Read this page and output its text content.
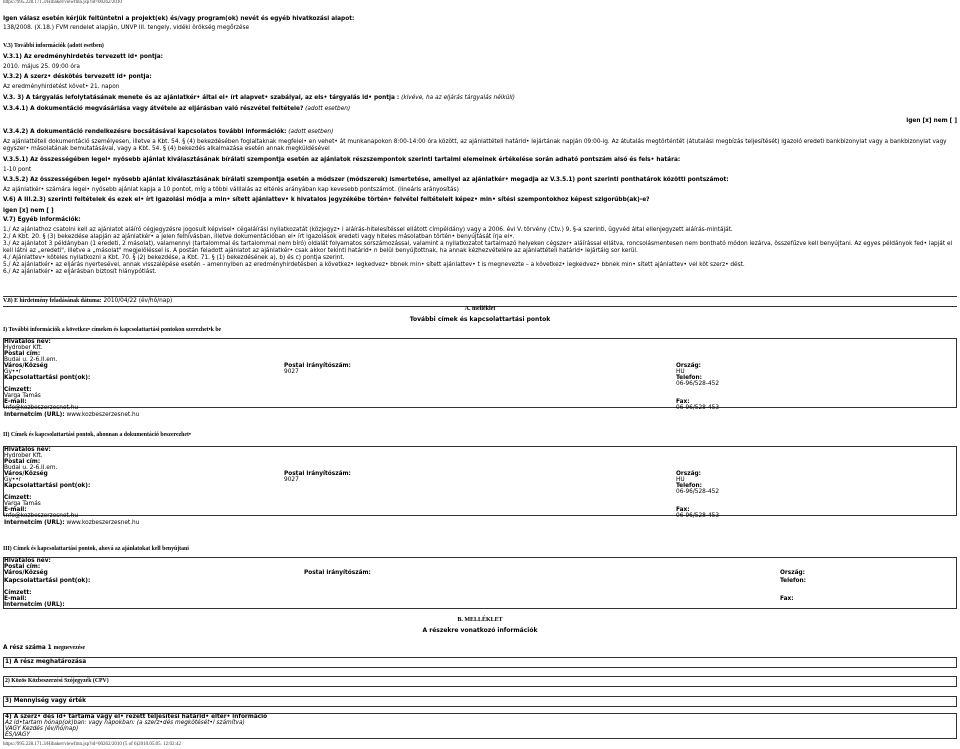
https://995.228.171.3/Hibaket/viewfmn.jsp?id=00262/2010
Igen válasz esetén kérjük feltüntetni a projekt(ek) és/vagy program(ok) nevét és egyéb hivatkozási alapot:
138/2008. (X.18.) FVM rendelet alapján, UNVP III. tengely, vidéki örökség megőrzése
V.3) További információk (adott esetben)
V.3.1) Az eredményhirdetés tervezett id• pontja:
2010. május 25. 09:00 óra
V.3.2) A szerz• déskötés tervezett id• pontja:
Az eredményhirdetést követ• 21. napon
V.3. 3) A tárgyalás lefolytatásának menete és az ajánlatkér• által el• írt alapvet• szabályai, az els• tárgyalás id• pontja : (kivéve, ha az eljárás tárgyalás nélküli)
V.3.4.1) A dokumentáció megvásárlása vagy átvétele az eljárásban való részvétel feltétele? (adott esetben)
igen [x] nem [ ]
V.3.4.2) A dokumentáció rendelkezésre bocsátásával kapcsolatos további információk: (adott esetben)
Az ajánlattételi dokumentáció személyesen, illetve a Kbt. 54. § (4) bekezdésében foglaltaknak megfelel• en vehet• át munkanapokon 8:00-14:00 óra között, az ajánlattételi határid• lejártának napján 09:00-ig. Az átutalás megtörténtét (átutalási megbízás teljesítését) igazoló eredeti bankbizonylat vagy a bankbizonylat vagy egyszer• másolatának bemutatásával, vagy a Kbt. 54. § (4) bekezdés alkalmazása esetén annak megküldésével
V.3.5.1) Az összességében legel• nyösebb ajánlat kiválasztásának bírálati szempontja esetén az ajánlatok részszempontok szerinti tartalmi elemeinek értékelése során adható pontszám alsó és fels• határa:
1-10 pont
V.3.5.2) Az összességében legel• nyösebb ajánlat kiválasztásának bírálati szempontja esetén a módszer (módszerek) ismertetése, amellyel az ajánlatkér• megadja az V.3.5.1) pont szerinti ponthatárok közötti pontszámot:
Az ajánlatkér• számára legel• nyösebb ajánlat kapja a 10 pontot, míg a többi válllalás az eltérés arányában kap kevesebb pontszámot. (lineáris arányosítás)
V.6) A III.2.3) szerinti feltételek és ezek el• írt igazolási módja a min• sített ajánlattev• k hivatalos jegyzékébe történ• felvétel feltételeit képez• min• sítési szempontokhoz képest szigorúbb(ak)-e?
igen [x] nem [ ]
V.7) Egyéb információk:
1./ Az ajánlathoz csatolni kell az ajánlatot aláíró cégjegyzésre jogosult képvisel• cégaláírási nyilatkozatát (közjegyz• i aláírás-hitelesítéssel ellátott címpéldány) vagy a 2006. évi V. törvény (Ctv.) 9. §-a szerinti, ügyvéd által ellenjegyzett aláírás-mintáját.
2./ A Kbt. 20. § (3) bekezdése alapján az ajánlatkér• a jelen felhívásban, illetve dokumentációban el• írt igazolások eredeti vagy hiteles másolatban történ• benyújtását írja el•.
3./ Az ajánlatot 3 példányban (1 eredeti, 2 másolat), valamennyi (tartalommal és tartalommal nem bíró) oldalát folyamatos sorszámozással, valamint a nyilatkozatot tartalmazó helyeken cégszer• aláírással ellátva, roncsolásmentesen nem bontható módon lezárva, összefűzve kell benyújtani. Az egyes példányok fed• lapját el kell látni az „eredeti", illetve a „másolat" megjelöléssel is. A postán feladott ajánlatot az ajánlatkér• csak akkor tekinti határid• n belül benyújtottnak, ha annak kézhezvételére az ajánlattételi határid• lejártáig sor kerül.
4./ Ajánlattev• köteles nyilatkozni a Kbt. 70. § (2) bekezdése, a Kbt. 71. § (1) bekezdésének a), b) és c) pontja szerint.
5./ Az ajánlatkér• az eljárás nyertesével, annak visszalépése esetén – amennyiben az eredményhirdetésben a következ• legkedvez• bbnek min• sített ajánlattev• t is megnevezte – a következ• legkedvez• bbnek min• sített ajánlattev• vel köt szerz• dést.
6./ Az ajánlatkér• az eljárásban biztosít hiánypótlást.
V.8) E hirdetmény feladásának dátuma: 2010/04/22 (év/hó/nap)
A. melléklet
További címek és kapcsolattartási pontok
I) További információk a következ• címeken és kapcsolattartási pontokon szerezhet•k be
Hivatalos név:
Hydrober Kft.
Postai cím:
Budai u. 2-6.II.em.
Város/Község	Postai irányítószám:	Ország:
Gy••r	9027	HU
Kapcsolattartási pont(ok):	Telefon:
06-96/528-452
Címzett:
Varga Tamás
E-mail:	Fax:
info@kozbeszerzesnet.hu	06-96/528-453
Internetcím (URL): www.kozbeszerzesnet.hu
II) Címek és kapcsolattartási pontok, ahonnan a dokumentáció beszerezhet•
Hivatalos név:
Hydrober Kft.
Postai cím:
Budai u. 2-6.II.em.
Város/Község	Postai irányítószám:	Ország:
Gy••r	9027	HU
Kapcsolattartási pont(ok):	Telefon:
06-96/528-452
Címzett:
Varga Tamás
E-mail:	Fax:
info@kozbeszerzesnet.hu	06-96/528-453
Internetcím (URL): www.kozbeszerzesnet.hu
III) Címek és kapcsolattartási pontok, ahová az ajánlatokat kell benyújtani
Hivatalos név:
Postai cím:
Város/Község	Postai irányítószám:	Ország:
Kapcsolattartási pont(ok):	Telefon:
Címzett:
E-mail:	Fax:
Internetcím (URL):
B. MELLÉKLET
A részekre vonatkozó információk
A rész száma 1 megnevezése
1) A rész meghatározása
2) Közös Közbeszerzési Szójegyzék (CPV)
3) Mennyiség vagy érték
4) A szerz• dés id• tartama vagy el• rezett teljesítési határid• eltér• információ
Az id•tartam hónap(ok)ban: vagy napokban: (a szerz•dés megkötését•l számítva)
VAGY Kezdés (év/hó/nap)
ÉS/VAGY
https://995.228.171.3/Hibaket/viewfmn.jsp?id=00262/2010 (5 of 6)2010.05.05. 12:02:42
